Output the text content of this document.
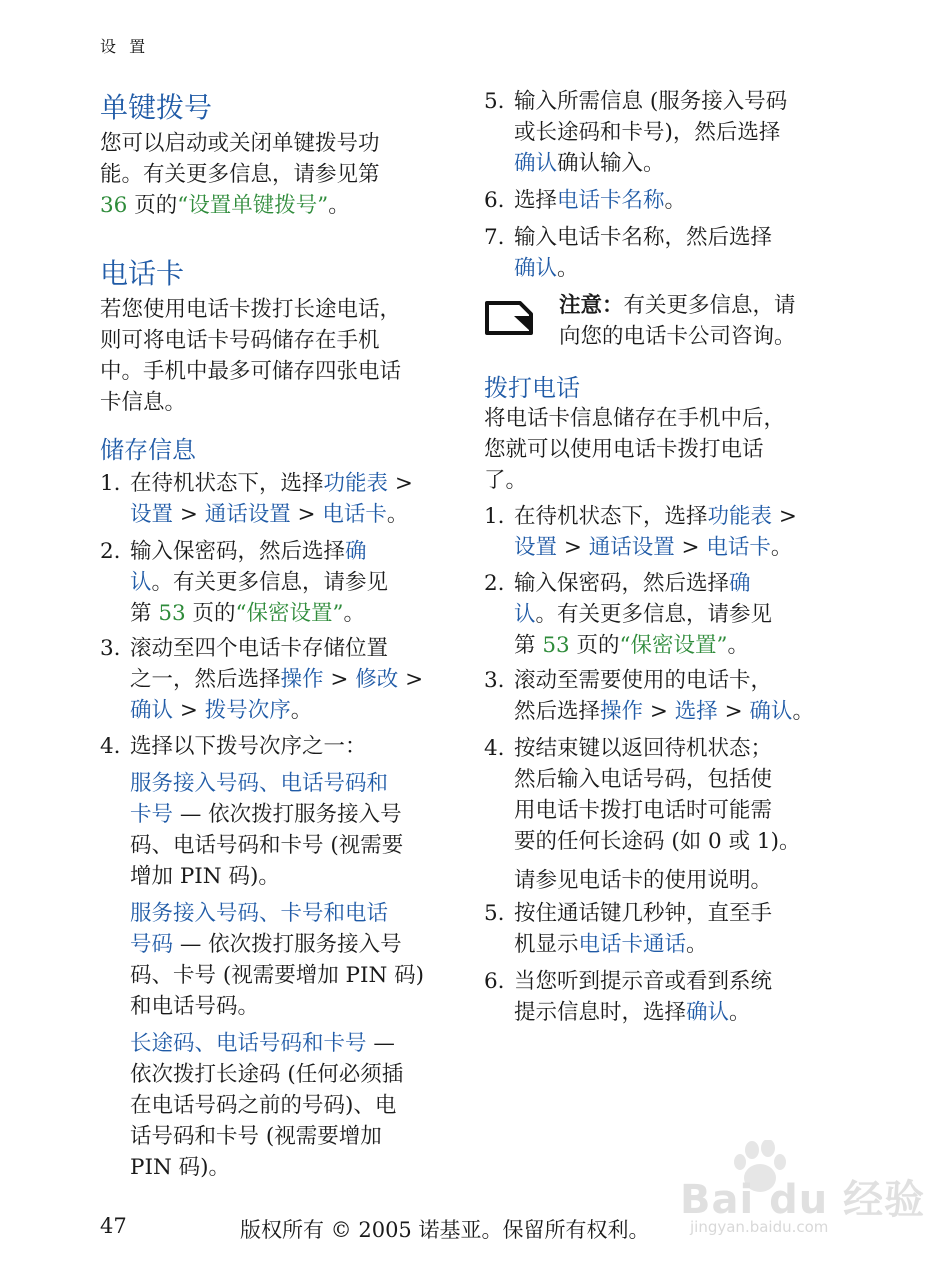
设 置
单键拨号
您可以启动或关闭单键拨号功
能。有关更多信息，请参见第
36 页的“设置单键拨号”。
电话卡
若您使用电话卡拨打长途电话，
则可将电话卡号码储存在手机
中。手机中最多可储存四张电话
卡信息。
储存信息
1. 在待机状态下，选择功能表 >
设置 > 通话设置 > 电话卡。
2. 输入保密码，然后选择确
认。有关更多信息，请参见
第 53 页的“保密设置”。
3. 滚动至四个电话卡存储位置
之一，然后选择操作 > 修改 >
确认 > 拨号次序。
4. 选择以下拨号次序之一：
服务接入号码、电话号码和
卡号 — 依次拨打服务接入号
码、电话号码和卡号 (视需要
增加 PIN 码)。
服务接入号码、卡号和电话
号码 — 依次拨打服务接入号
码、卡号 (视需要增加 PIN 码)
和电话号码。
长途码、电话号码和卡号 —
依次拨打长途码 (任何必须插
在电话号码之前的号码)、电
话号码和卡号 (视需要增加
PIN 码)。
5. 输入所需信息 (服务接入号码
或长途码和卡号)，然后选择
确认确认输入。
6. 选择电话卡名称。
7. 输入电话卡名称，然后选择
确认。
注意：有关更多信息，请
向您的电话卡公司咨询。
拨打电话
将电话卡信息储存在手机中后，
您就可以使用电话卡拨打电话
了。
1. 在待机状态下，选择功能表 >
设置 > 通话设置 > 电话卡。
2. 输入保密码，然后选择确
认。有关更多信息，请参见
第 53 页的“保密设置”。
3. 滚动至需要使用的电话卡，
然后选择操作 > 选择 > 确认。
4. 按结束键以返回待机状态；
然后输入电话号码，包括使
用电话卡拨打电话时可能需
要的任何长途码 (如 0 或 1)。
请参见电话卡的使用说明。
5. 按住通话键几秒钟，直至手
机显示电话卡通话。
6. 当您听到提示音或看到系统
提示信息时，选择确认。
Bai du 经验
jingyan.baidu.com
47	版权所有 © 2005 诺基亚。保留所有权利。
